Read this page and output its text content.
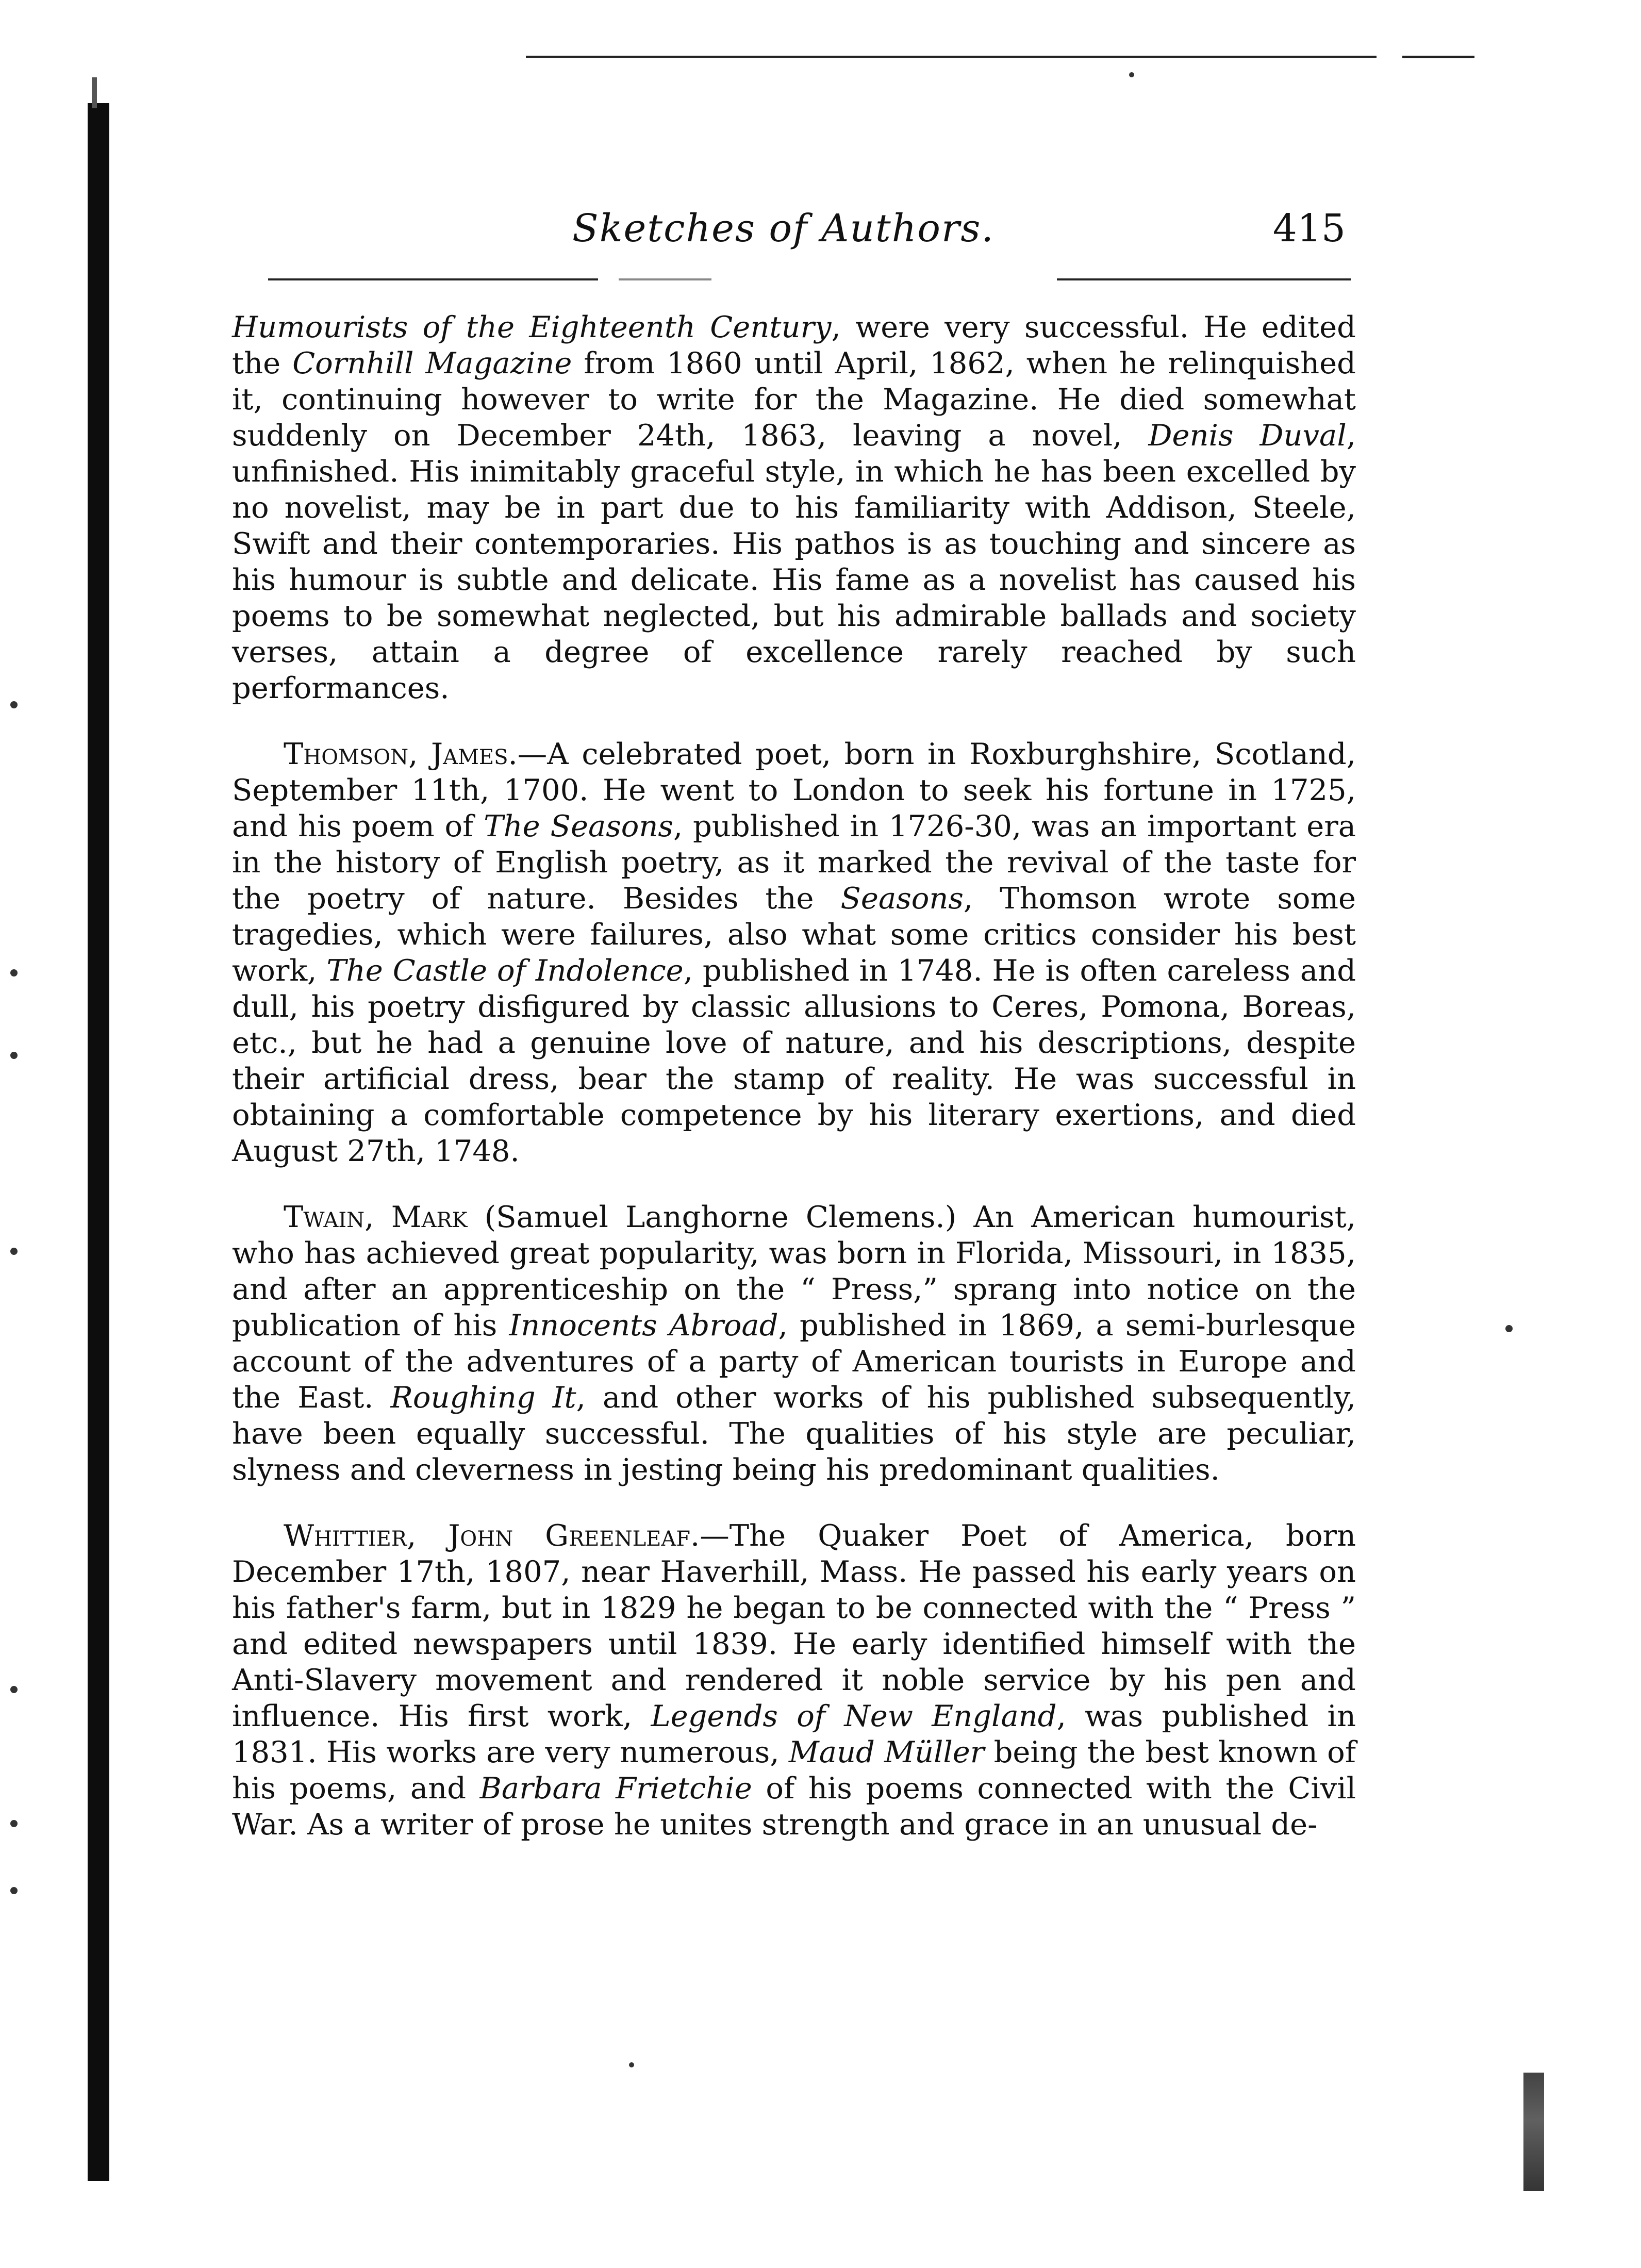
Sketches of Authors.	415

Humourists of the Eighteenth Century, were very successful. He edited the Cornhill Magazine from 1860 until April, 1862, when he relinquished it, continuing however to write for the Magazine. He died somewhat suddenly on December 24th, 1863, leaving a novel, Denis Duval, unfinished. His inimitably graceful style, in which he has been excelled by no novelist, may be in part due to his familiarity with Addison, Steele, Swift and their contemporaries. His pathos is as touching and sincere as his humour is subtle and delicate. His fame as a novelist has caused his poems to be somewhat neglected, but his admirable ballads and society verses, attain a degree of excellence rarely reached by such performances.

Thomson, James.—A celebrated poet, born in Roxburghshire, Scotland, September 11th, 1700. He went to London to seek his fortune in 1725, and his poem of The Seasons, published in 1726-30, was an important era in the history of English poetry, as it marked the revival of the taste for the poetry of nature. Besides the Seasons, Thomson wrote some tragedies, which were failures, also what some critics consider his best work, The Castle of Indolence, published in 1748. He is often careless and dull, his poetry disfigured by classic allusions to Ceres, Pomona, Boreas, etc., but he had a genuine love of nature, and his descriptions, despite their artificial dress, bear the stamp of reality. He was successful in obtaining a comfortable competence by his literary exertions, and died August 27th, 1748.

Twain, Mark (Samuel Langhorne Clemens.) An American humourist, who has achieved great popularity, was born in Florida, Missouri, in 1835, and after an apprenticeship on the “ Press,” sprang into notice on the publication of his Innocents Abroad, published in 1869, a semi-burlesque account of the adventures of a party of American tourists in Europe and the East. Roughing It, and other works of his published subsequently, have been equally successful. The qualities of his style are peculiar, slyness and cleverness in jesting being his predominant qualities.

Whittier, John Greenleaf.—The Quaker Poet of America, born December 17th, 1807, near Haverhill, Mass. He passed his early years on his father's farm, but in 1829 he began to be connected with the “ Press ” and edited newspapers until 1839. He early identified himself with the Anti-Slavery movement and rendered it noble service by his pen and influence. His first work, Legends of New England, was published in 1831. His works are very numerous, Maud Müller being the best known of his poems, and Barbara Frietchie of his poems connected with the Civil War. As a writer of prose he unites strength and grace in an unusual de-
